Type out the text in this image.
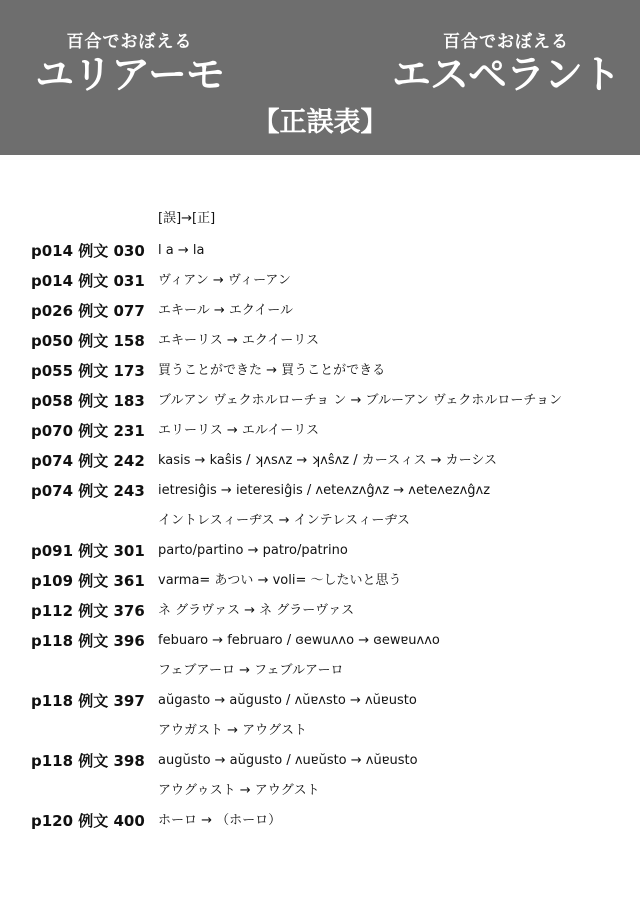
百合でおぼえる
ユリアーモ
百合でおぼえる
エスペラント
【正誤表】
[誤]→[正]
p014 例文 030 l a → la
p014 例文 031 ヴィアン → ヴィーアン
p026 例文 077 エキール → エクイール
p050 例文 158 エキーリス → エクイーリス
p055 例文 173 買うことができた → 買うことができる
p058 例文 183 ブルアン ヴェクホルローチョ ン → ブルーアン ヴェクホルローチョン
p070 例文 231 エリーリス → エルイーリス
p074 例文 242 kasis → kaŝis / ʞʌsʌz → ʞʌŝʌz / カースィス → カーシス
p074 例文 243 ietresiĝis → ieteresiĝis / ʌeteʌzʌĝʌz → ʌeteʌezʌĝʌz
イントレスィーヂス → インテレスィーヂス
p091 例文 301 parto/partino → patro/patrino
p109 例文 361 varma= あつい → voli= 〜したいと思う
p112 例文 376 ネ グラヴァス → ネ グラーヴァス
p118 例文 396 febuaro → februaro / ɞewuʌʌo → ɞewɐuʌʌo
フェブアーロ → フェブルアーロ
p118 例文 397 aŭgasto → aŭgusto / ʌŭɐʌsto → ʌŭɐusto
アウガスト → アウグスト
p118 例文 398 augŭsto → aŭgusto / ʌuɐŭsto → ʌŭɐusto
アウグゥスト → アウグスト
p120 例文 400 ホーロ → （ホーロ）
